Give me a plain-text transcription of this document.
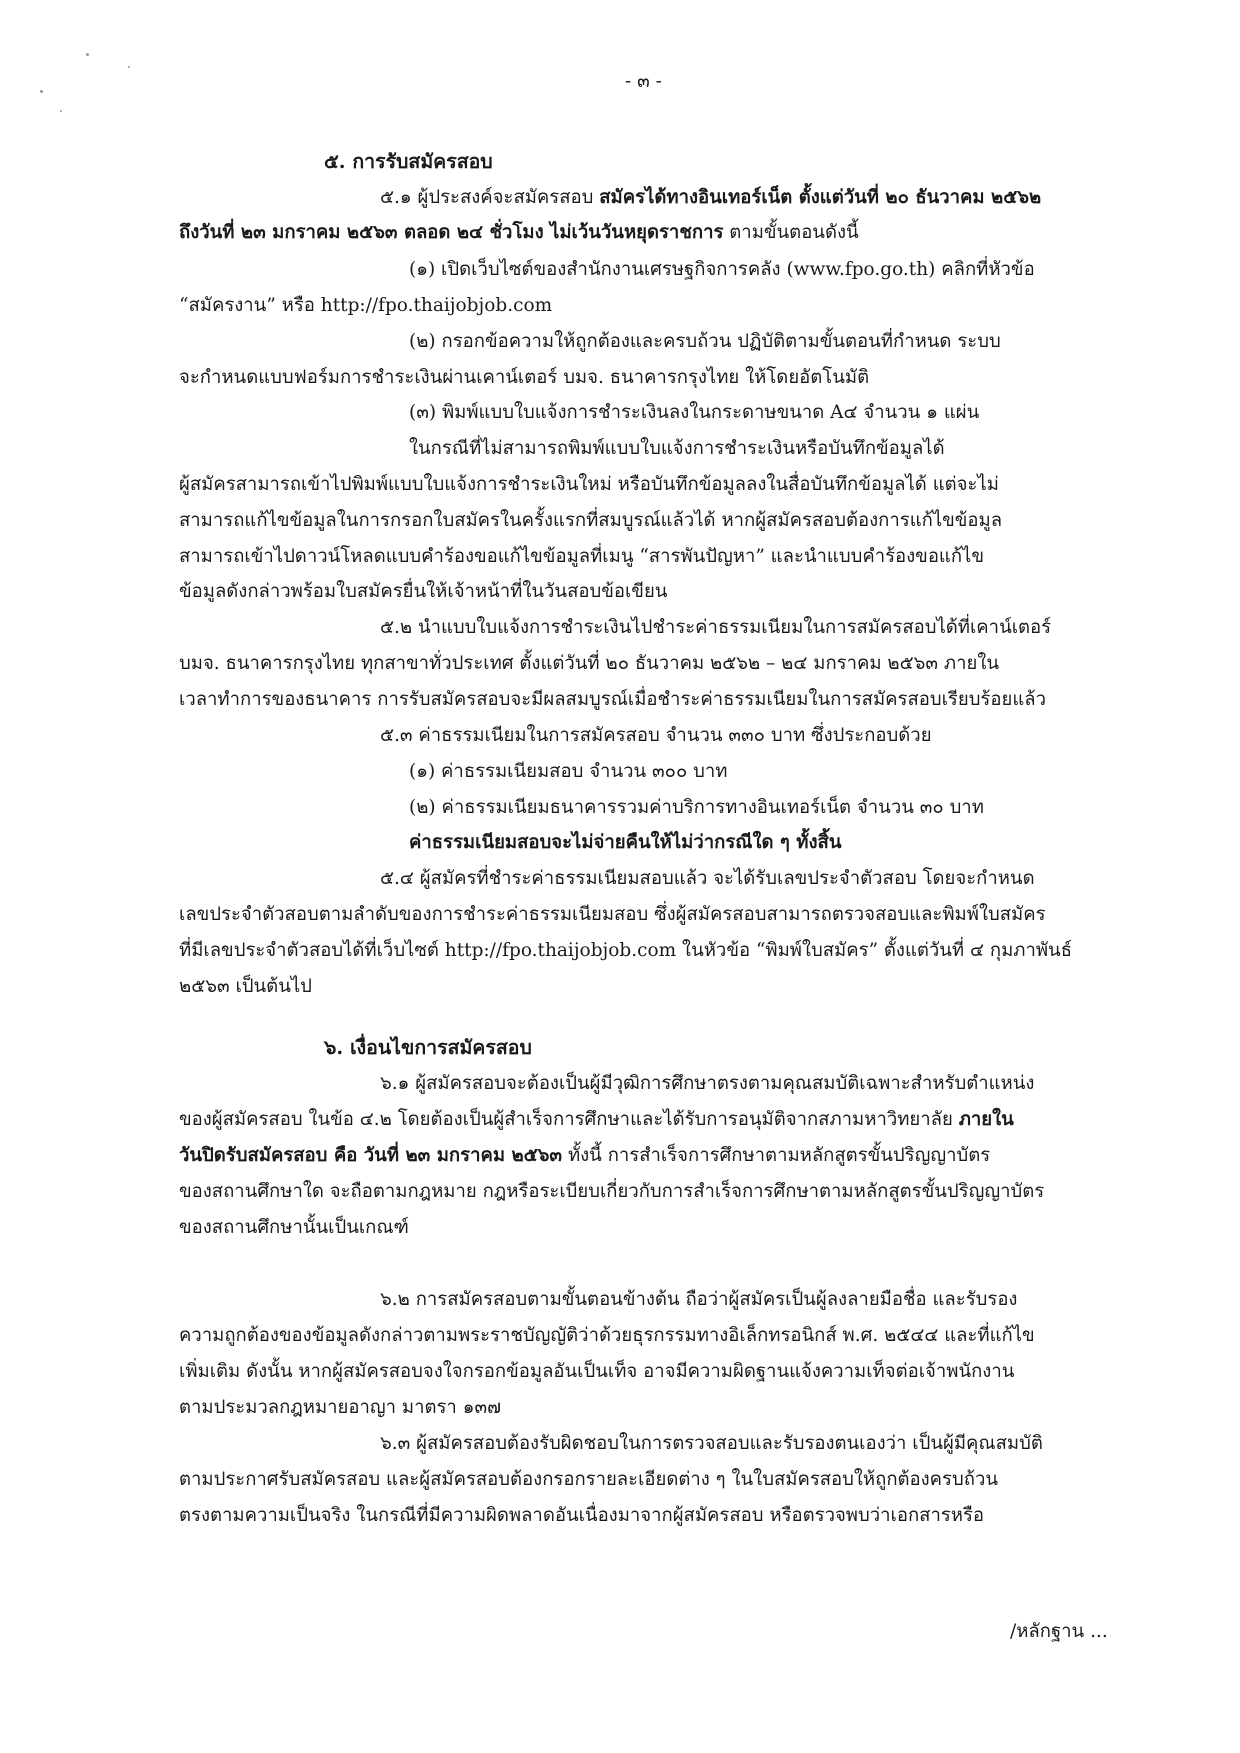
- ๓ -
๕. การรับสมัครสอบ
๕.๑ ผู้ประสงค์จะสมัครสอบ สมัครได้ทางอินเทอร์เน็ต ตั้งแต่วันที่ ๒๐ ธันวาคม ๒๕๖๒
ถึงวันที่ ๒๓ มกราคม ๒๕๖๓ ตลอด ๒๔ ชั่วโมง ไม่เว้นวันหยุดราชการ ตามขั้นตอนดังนี้
(๑) เปิดเว็บไซต์ของสำนักงานเศรษฐกิจการคลัง (www.fpo.go.th) คลิกที่หัวข้อ
“สมัครงาน” หรือ http://fpo.thaijobjob.com
(๒) กรอกข้อความให้ถูกต้องและครบถ้วน ปฏิบัติตามขั้นตอนที่กำหนด ระบบ
จะกำหนดแบบฟอร์มการชำระเงินผ่านเคาน์เตอร์ บมจ. ธนาคารกรุงไทย ให้โดยอัตโนมัติ
(๓) พิมพ์แบบใบแจ้งการชำระเงินลงในกระดาษขนาด A๔ จำนวน ๑ แผ่น
ในกรณีที่ไม่สามารถพิมพ์แบบใบแจ้งการชำระเงินหรือบันทึกข้อมูลได้
ผู้สมัครสามารถเข้าไปพิมพ์แบบใบแจ้งการชำระเงินใหม่ หรือบันทึกข้อมูลลงในสื่อบันทึกข้อมูลได้ แต่จะไม่
สามารถแก้ไขข้อมูลในการกรอกใบสมัครในครั้งแรกที่สมบูรณ์แล้วได้ หากผู้สมัครสอบต้องการแก้ไขข้อมูล
สามารถเข้าไปดาวน์โหลดแบบคำร้องขอแก้ไขข้อมูลที่เมนู “สารพันปัญหา” และนำแบบคำร้องขอแก้ไข
ข้อมูลดังกล่าวพร้อมใบสมัครยื่นให้เจ้าหน้าที่ในวันสอบข้อเขียน
๕.๒ นำแบบใบแจ้งการชำระเงินไปชำระค่าธรรมเนียมในการสมัครสอบได้ที่เคาน์เตอร์
บมจ. ธนาคารกรุงไทย ทุกสาขาทั่วประเทศ ตั้งแต่วันที่ ๒๐ ธันวาคม ๒๕๖๒ – ๒๔ มกราคม ๒๕๖๓ ภายใน
เวลาทำการของธนาคาร การรับสมัครสอบจะมีผลสมบูรณ์เมื่อชำระค่าธรรมเนียมในการสมัครสอบเรียบร้อยแล้ว
๕.๓ ค่าธรรมเนียมในการสมัครสอบ จำนวน ๓๓๐ บาท ซึ่งประกอบด้วย
(๑) ค่าธรรมเนียมสอบ จำนวน ๓๐๐ บาท
(๒) ค่าธรรมเนียมธนาคารรวมค่าบริการทางอินเทอร์เน็ต จำนวน ๓๐ บาท
ค่าธรรมเนียมสอบจะไม่จ่ายคืนให้ไม่ว่ากรณีใด ๆ ทั้งสิ้น
๕.๔ ผู้สมัครที่ชำระค่าธรรมเนียมสอบแล้ว จะได้รับเลขประจำตัวสอบ โดยจะกำหนด
เลขประจำตัวสอบตามลำดับของการชำระค่าธรรมเนียมสอบ ซึ่งผู้สมัครสอบสามารถตรวจสอบและพิมพ์ใบสมัคร
ที่มีเลขประจำตัวสอบได้ที่เว็บไซต์ http://fpo.thaijobjob.com ในหัวข้อ “พิมพ์ใบสมัคร” ตั้งแต่วันที่ ๔ กุมภาพันธ์
๒๕๖๓ เป็นต้นไป
๖. เงื่อนไขการสมัครสอบ
๖.๑ ผู้สมัครสอบจะต้องเป็นผู้มีวุฒิการศึกษาตรงตามคุณสมบัติเฉพาะสำหรับตำแหน่ง
ของผู้สมัครสอบ ในข้อ ๔.๒ โดยต้องเป็นผู้สำเร็จการศึกษาและได้รับการอนุมัติจากสภามหาวิทยาลัย ภายใน
วันปิดรับสมัครสอบ คือ วันที่ ๒๓ มกราคม ๒๕๖๓ ทั้งนี้ การสำเร็จการศึกษาตามหลักสูตรขั้นปริญญาบัตร
ของสถานศึกษาใด จะถือตามกฎหมาย กฎหรือระเบียบเกี่ยวกับการสำเร็จการศึกษาตามหลักสูตรขั้นปริญญาบัตร
ของสถานศึกษานั้นเป็นเกณฑ์
๖.๒ การสมัครสอบตามขั้นตอนข้างต้น ถือว่าผู้สมัครเป็นผู้ลงลายมือชื่อ และรับรอง
ความถูกต้องของข้อมูลดังกล่าวตามพระราชบัญญัติว่าด้วยธุรกรรมทางอิเล็กทรอนิกส์ พ.ศ. ๒๕๔๔ และที่แก้ไข
เพิ่มเติม ดังนั้น หากผู้สมัครสอบจงใจกรอกข้อมูลอันเป็นเท็จ อาจมีความผิดฐานแจ้งความเท็จต่อเจ้าพนักงาน
ตามประมวลกฎหมายอาญา มาตรา ๑๓๗
๖.๓ ผู้สมัครสอบต้องรับผิดชอบในการตรวจสอบและรับรองตนเองว่า เป็นผู้มีคุณสมบัติ
ตามประกาศรับสมัครสอบ และผู้สมัครสอบต้องกรอกรายละเอียดต่าง ๆ ในใบสมัครสอบให้ถูกต้องครบถ้วน
ตรงตามความเป็นจริง ในกรณีที่มีความผิดพลาดอันเนื่องมาจากผู้สมัครสอบ หรือตรวจพบว่าเอกสารหรือ
/หลักฐาน ...
